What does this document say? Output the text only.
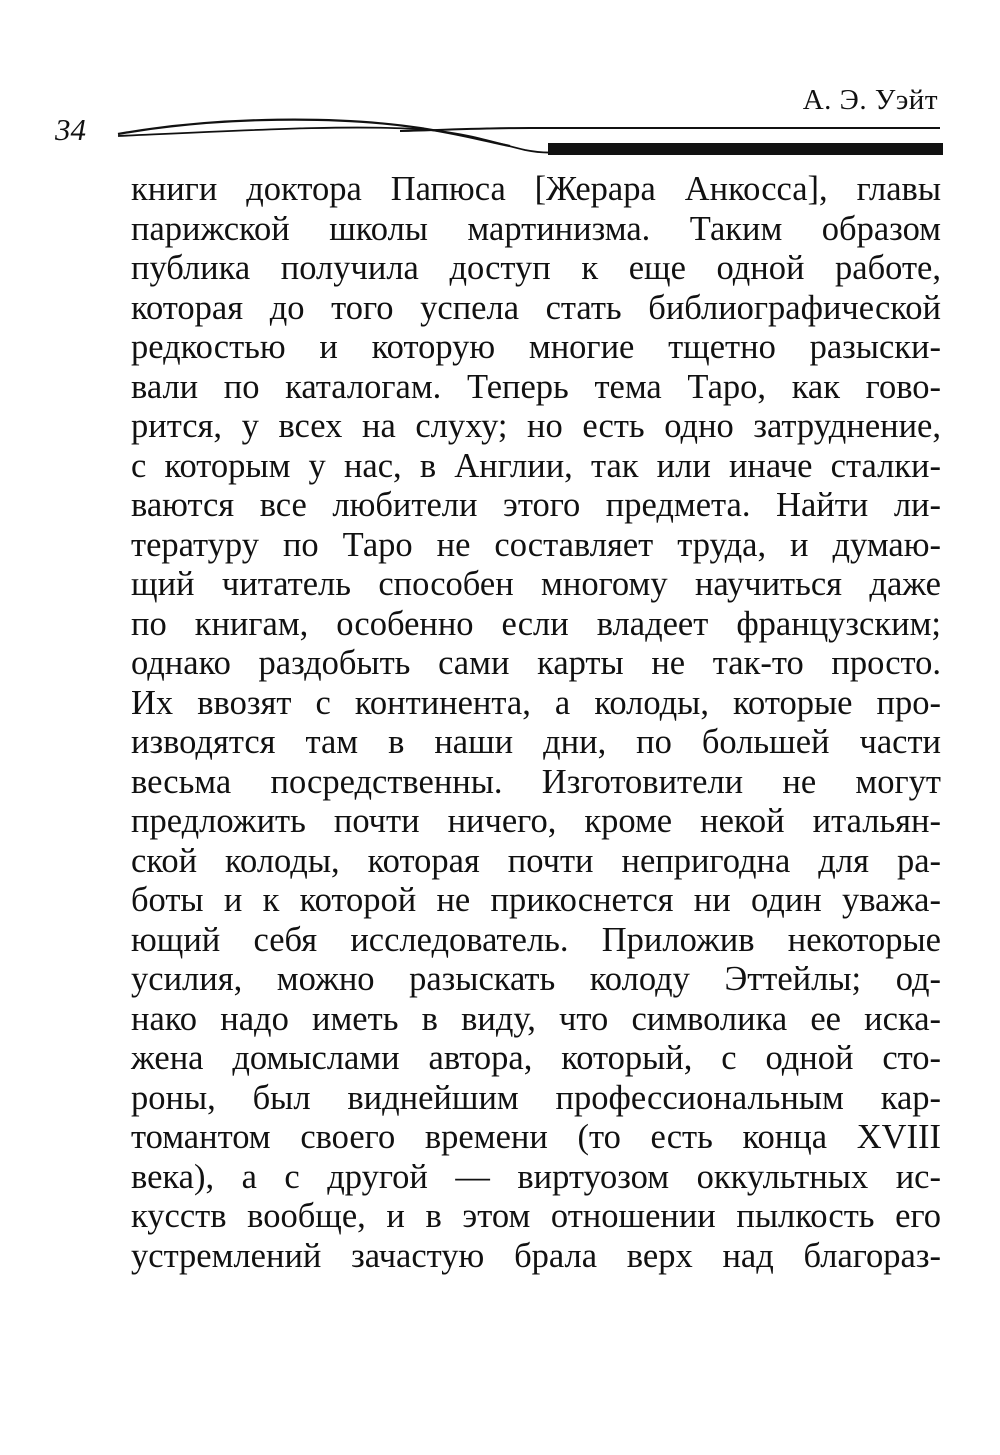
А. Э. Уэйт
34
книги доктора Папюса [Жерара Анкосса], главы
парижской школы мартинизма. Таким образом
публика получила доступ к еще одной работе,
которая до того успела стать библиографической
редкостью и которую многие тщетно разыски-
вали по каталогам. Теперь тема Таро, как гово-
рится, у всех на слуху; но есть одно затруднение,
с которым у нас, в Англии, так или иначе сталки-
ваются все любители этого предмета. Найти ли-
тературу по Таро не составляет труда, и думаю-
щий читатель способен многому научиться даже
по книгам, особенно если владеет французским;
однако раздобыть сами карты не так-то просто.
Их ввозят с континента, а колоды, которые про-
изводятся там в наши дни, по большей части
весьма посредственны. Изготовители не могут
предложить почти ничего, кроме некой итальян-
ской колоды, которая почти непригодна для ра-
боты и к которой не прикоснется ни один уважа-
ющий себя исследователь. Приложив некоторые
усилия, можно разыскать колоду Эттейлы; од-
нако надо иметь в виду, что символика ее иска-
жена домыслами автора, который, с одной сто-
роны, был виднейшим профессиональным кар-
томантом своего времени (то есть конца XVIII
века), а с другой — виртуозом оккультных ис-
кусств вообще, и в этом отношении пылкость его
устремлений зачастую брала верх над благораз-
